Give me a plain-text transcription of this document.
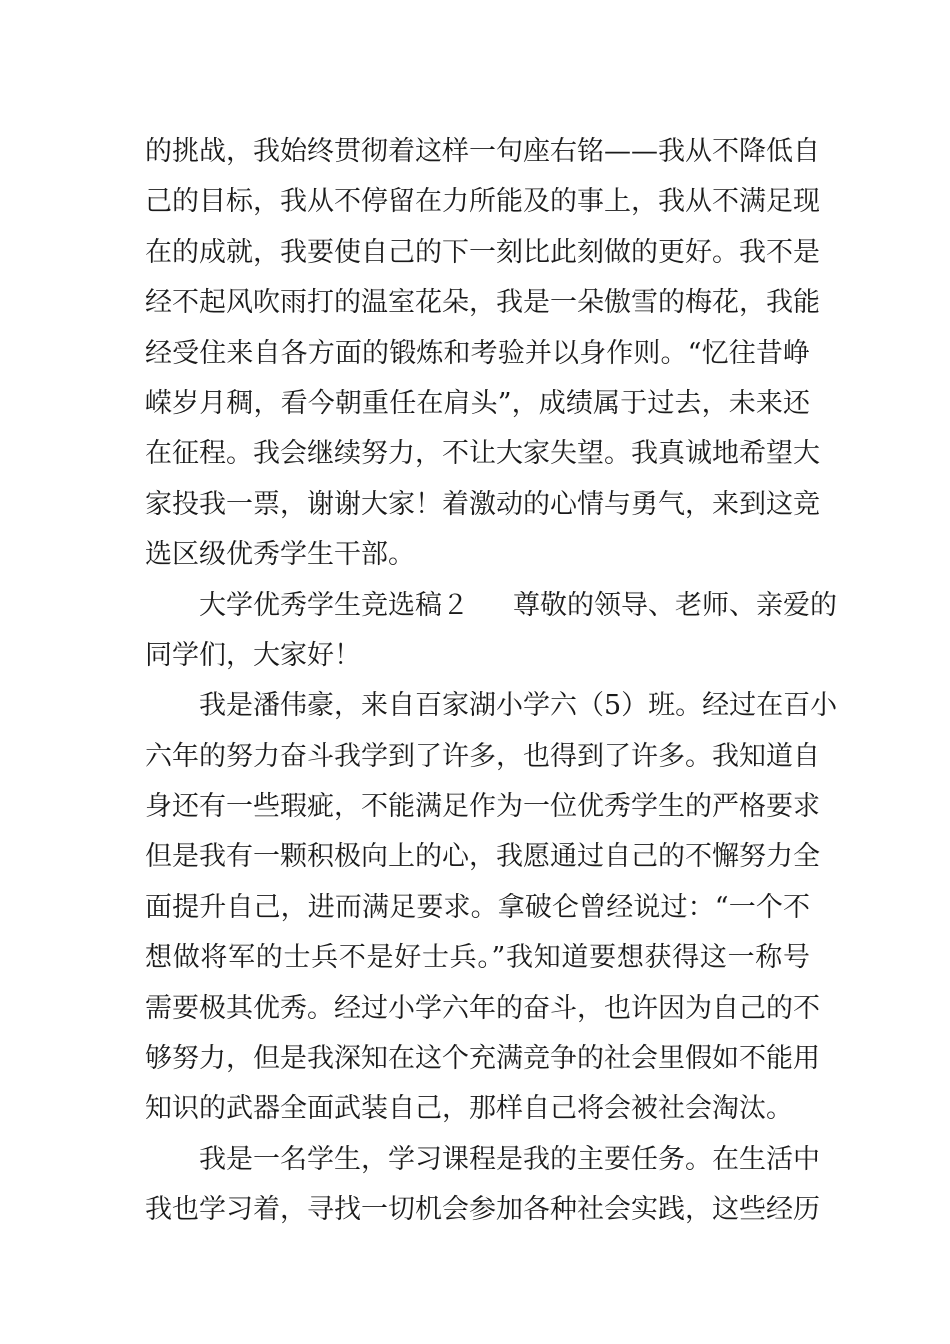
的挑战，我始终贯彻着这样一句座右铭——我从不降低自
己的目标，我从不停留在力所能及的事上，我从不满足现
在的成就，我要使自己的下一刻比此刻做的更好。我不是
经不起风吹雨打的温室花朵，我是一朵傲雪的梅花，我能
经受住来自各方面的锻炼和考验并以身作则。“忆往昔峥
嵘岁月稠，看今朝重任在肩头”，成绩属于过去，未来还
在征程。我会继续努力，不让大家失望。我真诚地希望大
家投我一票，谢谢大家！着激动的心情与勇气，来到这竞
选区级优秀学生干部。
大学优秀学生竞选稿２ 尊敬的领导、老师、亲爱的
同学们，大家好！
我是潘伟豪，来自百家湖小学六（5）班。经过在百小
六年的努力奋斗我学到了许多，也得到了许多。我知道自
身还有一些瑕疵，不能满足作为一位优秀学生的严格要求
但是我有一颗积极向上的心，我愿通过自己的不懈努力全
面提升自己，进而满足要求。拿破仑曾经说过：“一个不
想做将军的士兵不是好士兵。”我知道要想获得这一称号
需要极其优秀。经过小学六年的奋斗，也许因为自己的不
够努力，但是我深知在这个充满竞争的社会里假如不能用
知识的武器全面武装自己，那样自己将会被社会淘汰。
我是一名学生，学习课程是我的主要任务。在生活中
我也学习着，寻找一切机会参加各种社会实践，这些经历
